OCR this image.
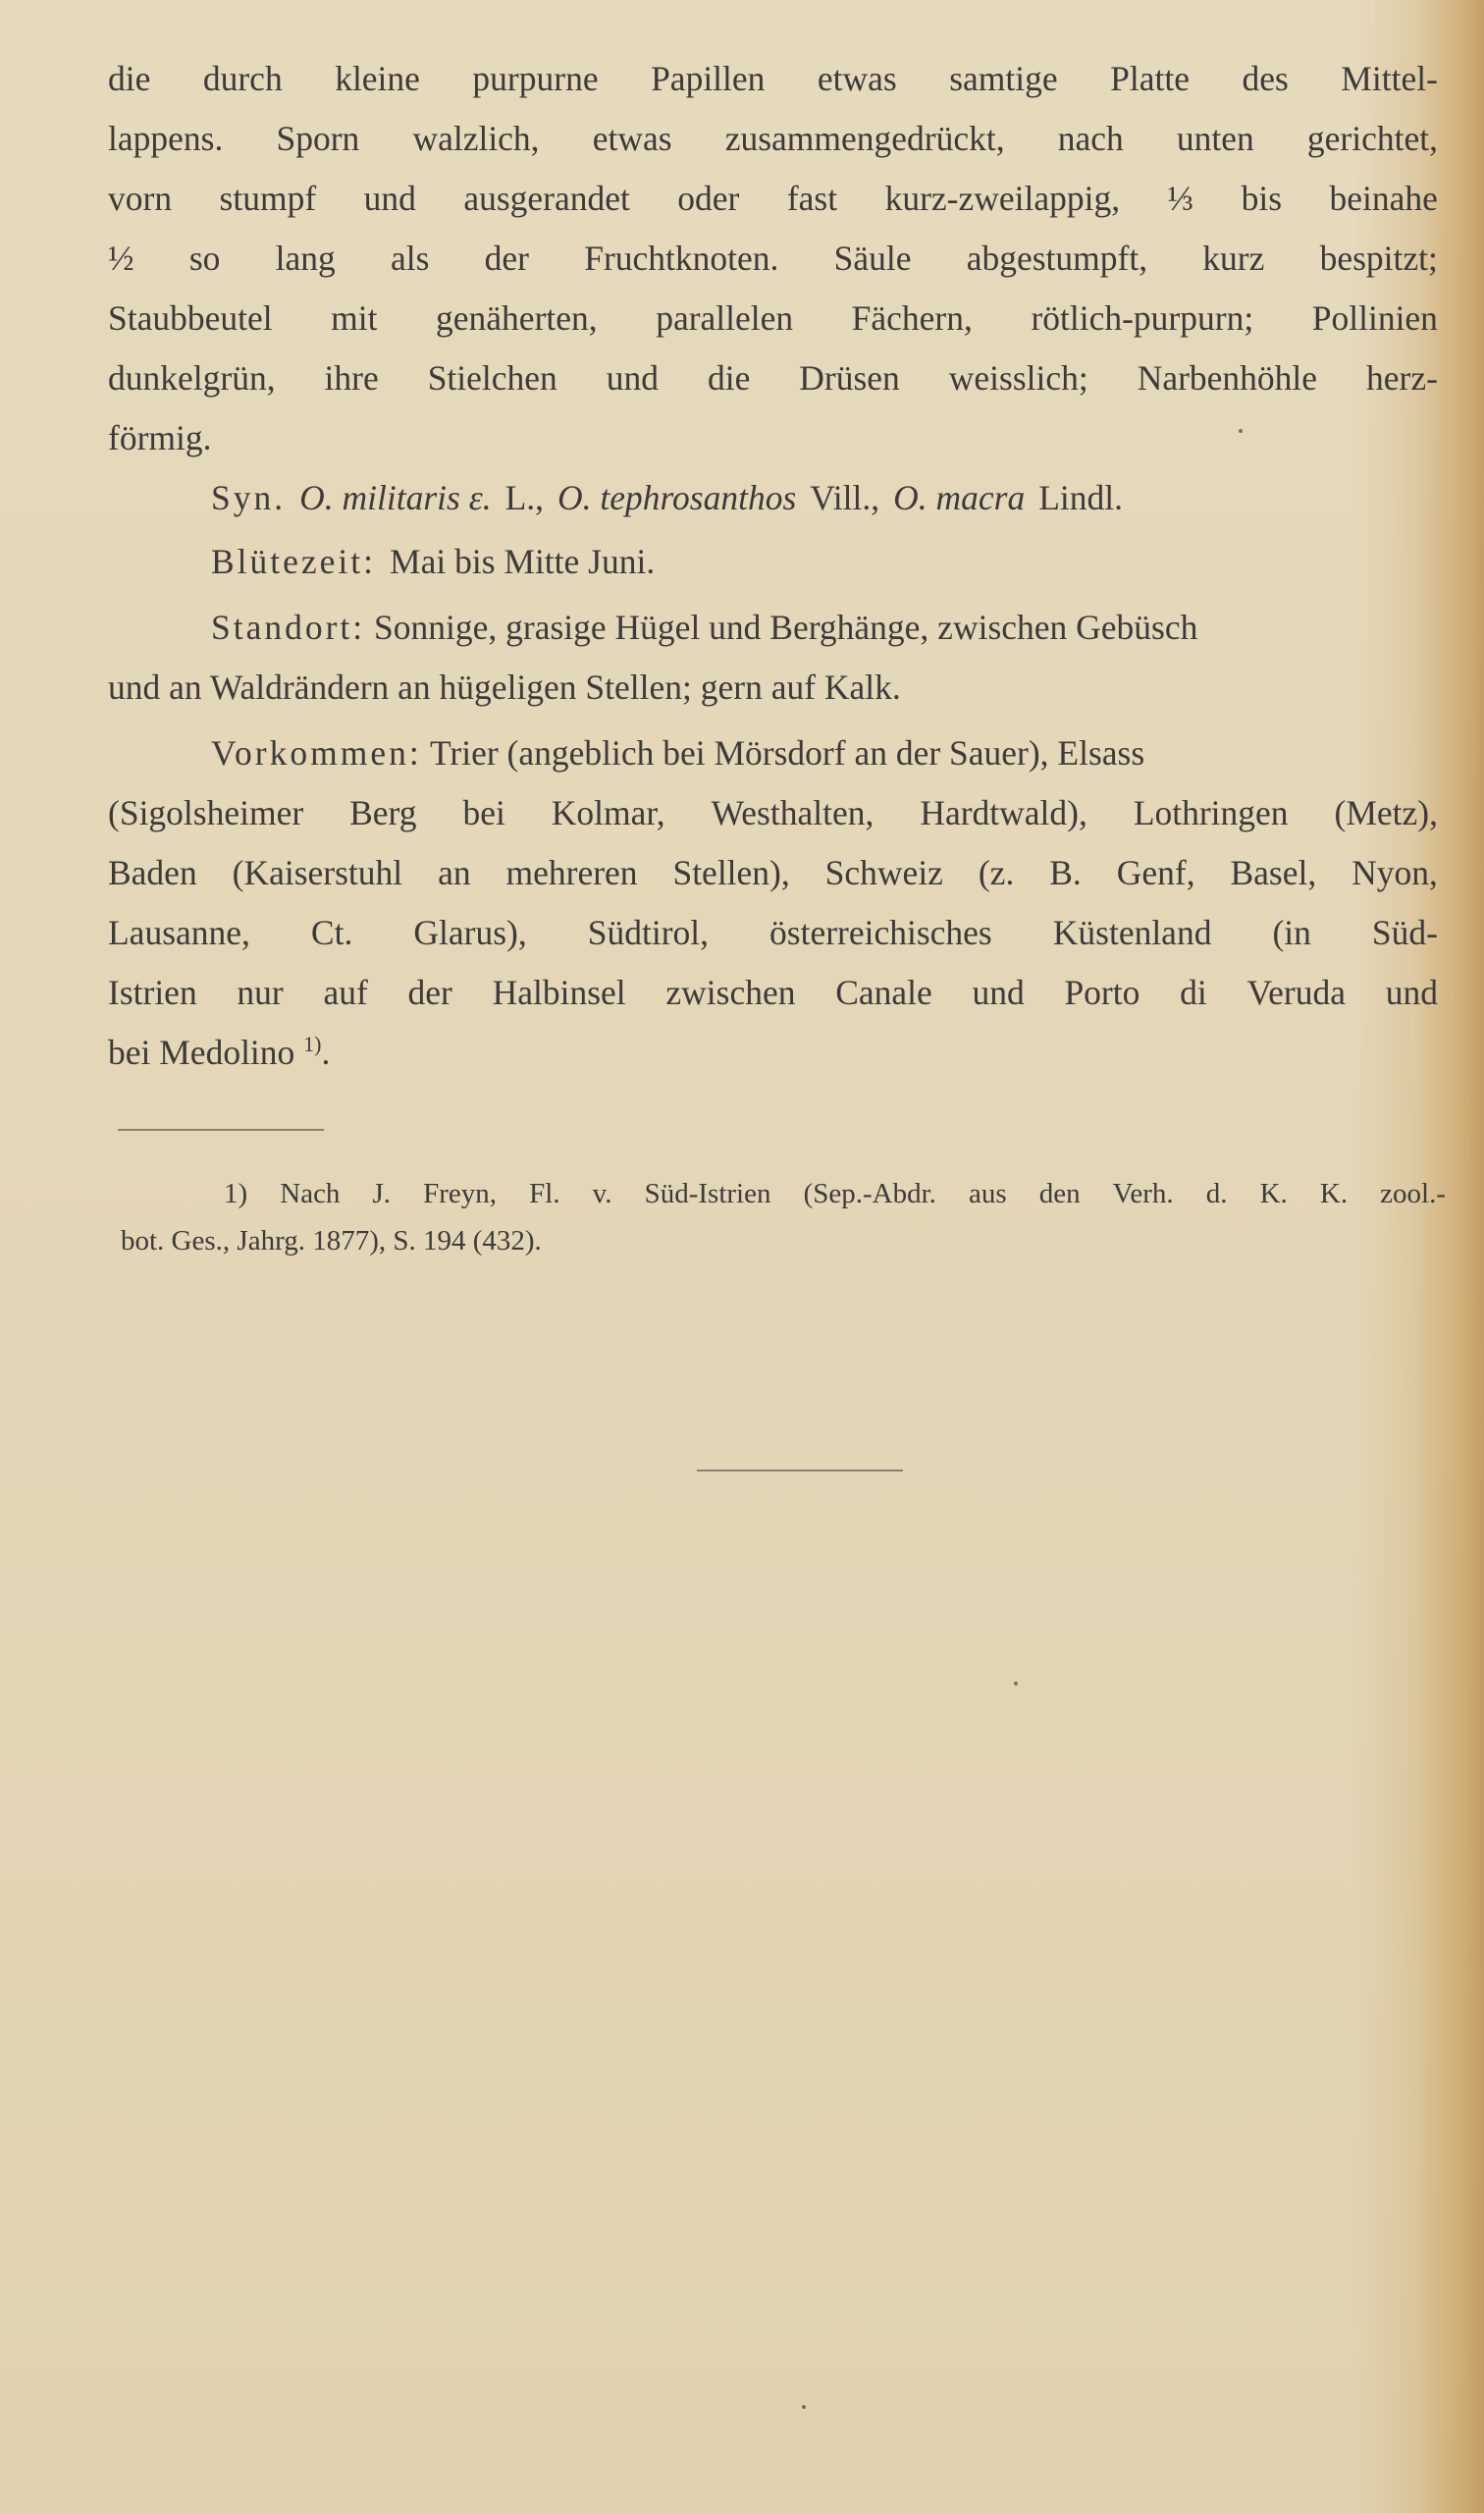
die durch kleine purpurne Papillen etwas samtige Platte des Mittel-
lappens. Sporn walzlich, etwas zusammengedrückt, nach unten gerichtet,
vorn stumpf und ausgerandet oder fast kurz-zweilappig, ⅓ bis beinahe
½ so lang als der Fruchtknoten. Säule abgestumpft, kurz bespitzt;
Staubbeutel mit genäherten, parallelen Fächern, rötlich-purpurn; Pollinien
dunkelgrün, ihre Stielchen und die Drüsen weisslich; Narbenhöhle herz-
förmig.
Syn. O. militaris ε. L., O. tephrosanthos Vill., O. macra Lindl.
Blütezeit: Mai bis Mitte Juni.
Standort: Sonnige, grasige Hügel und Berghänge, zwischen Gebüsch
und an Waldrändern an hügeligen Stellen; gern auf Kalk.
Vorkommen: Trier (angeblich bei Mörsdorf an der Sauer), Elsass
(Sigolsheimer Berg bei Kolmar, Westhalten, Hardtwald), Lothringen (Metz),
Baden (Kaiserstuhl an mehreren Stellen), Schweiz (z. B. Genf, Basel, Nyon,
Lausanne, Ct. Glarus), Südtirol, österreichisches Küstenland (in Süd-
Istrien nur auf der Halbinsel zwischen Canale und Porto di Veruda und
bei Medolino $^{1)}$.
1) Nach J. Freyn, Fl. v. Süd-Istrien (Sep.-Abdr. aus den Verh. d. K. K. zool.-
bot. Ges., Jahrg. 1877), S. 194 (432).
